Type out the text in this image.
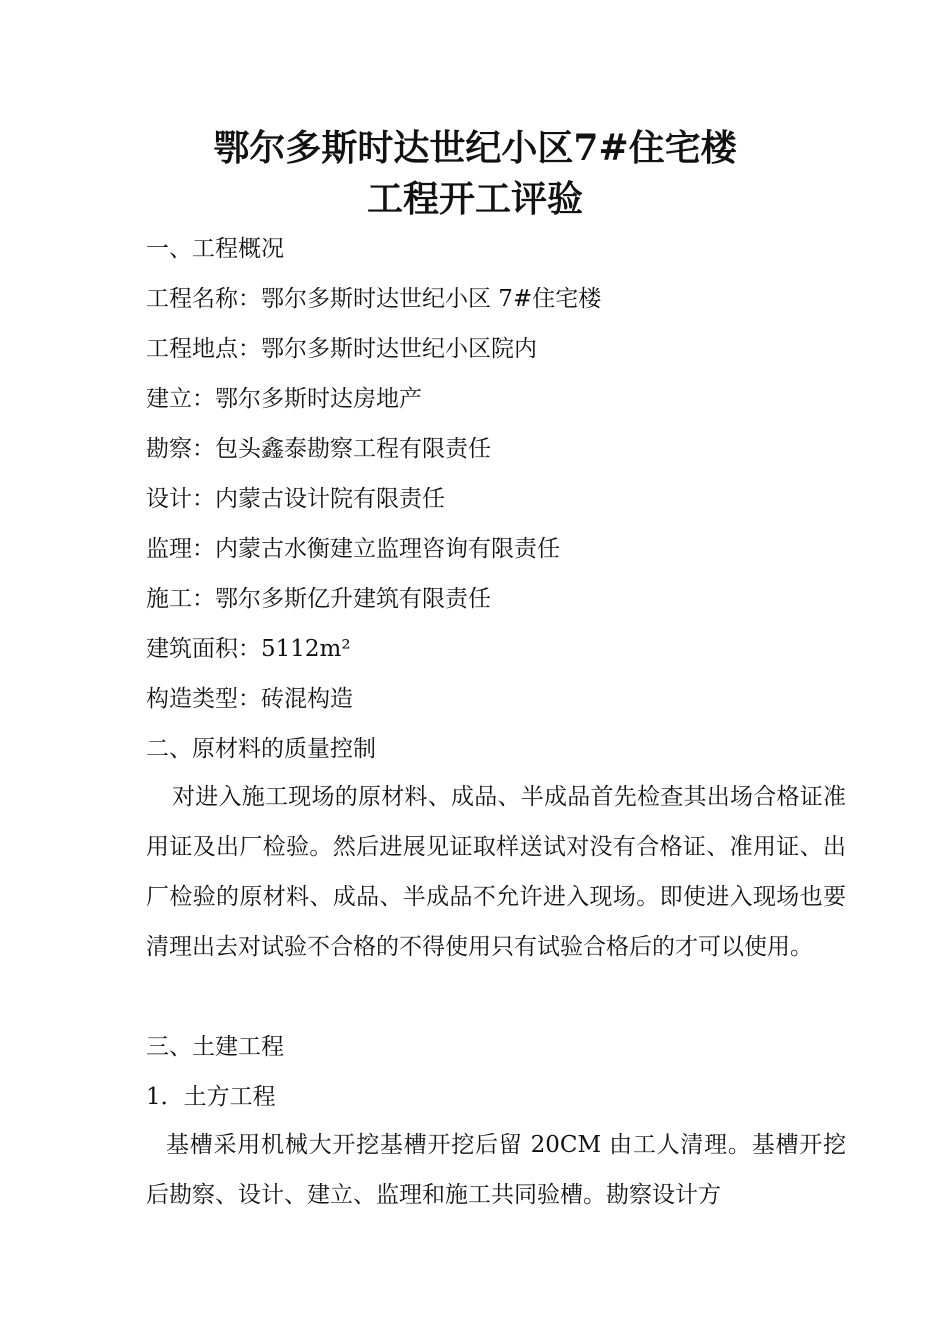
鄂尔多斯时达世纪小区7#住宅楼
工程开工评验
一、工程概况
工程名称：鄂尔多斯时达世纪小区 7#住宅楼
工程地点：鄂尔多斯时达世纪小区院内
建立：鄂尔多斯时达房地产
勘察：包头鑫泰勘察工程有限责任
设计：内蒙古设计院有限责任
监理：内蒙古水衡建立监理咨询有限责任
施工：鄂尔多斯亿升建筑有限责任
建筑面积：5112m²
构造类型：砖混构造
二、原材料的质量控制
对进入施工现场的原材料、成品、半成品首先检查其出场合格证准用证及出厂检验。然后进展见证取样送试对没有合格证、准用证、出厂检验的原材料、成品、半成品不允许进入现场。即使进入现场也要清理出去对试验不合格的不得使用只有试验合格后的才可以使用。
三、土建工程
1．土方工程
基槽采用机械大开挖基槽开挖后留 20CM 由工人清理。基槽开挖后勘察、设计、建立、监理和施工共同验槽。勘察设计方
